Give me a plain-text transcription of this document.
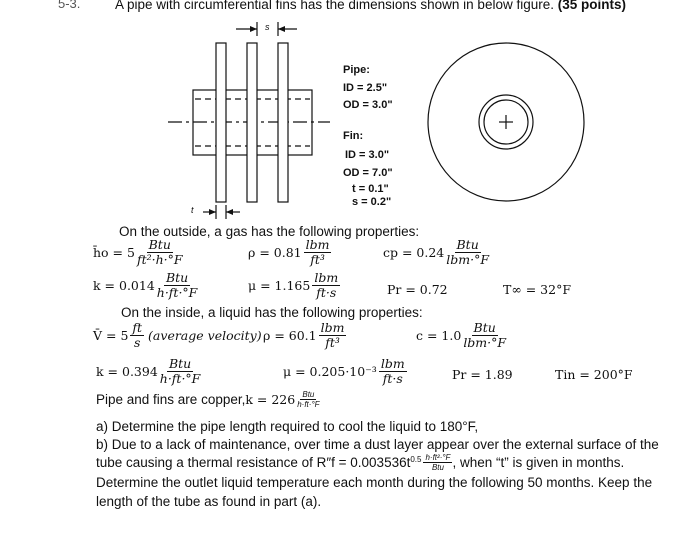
5-3.	A pipe with circumferential fins has the dimensions shown in below figure. (35 points)
s
t
Pipe:
ID = 2.5"
OD = 3.0"
Fin:
ID = 3.0"
OD = 7.0"
t = 0.1"
s = 0.2"
On the outside, a gas has the following properties:
h̄o = $5 \frac{\text{Btu}}{\text{ft²·h·°F}}$	$\rho = 0.81 \frac{\text{lbm}}{\text{ft³}}$	cp = $0.24 \frac{\text{Btu}}{\text{lbm·°F}}$
$k = 0.014 \frac{\text{Btu}}{h\cdot ft\cdot^\circ F}$	$\mu = 1.165 \frac{\text{lbm}}{ft\cdot s}$	Pr = 0.72	T∞ = 32°F
On the inside, a liquid has the following properties:
V̄ = $5 \frac{ft}{s}$
(average velocity) $\rho = 60.1 \frac{\text{lbm}}{\text{ft³}}$	$c = 1.0 \frac{\text{Btu}}{\text{lbm·°F}}$
$k = 0.394 \frac{\text{Btu}}{h\cdot ft\cdot^\circ F}$	$\mu = 0.205\cdot 10^{-3} \frac{\text{lbm}}{ft\cdot s}$	Pr = 1.89	Tin = 200°F
Pipe and fins are copper, $k = 226 \frac{\text{Btu}}{h\cdot ft\cdot^\circ F}$
a) Determine the pipe length required to cool the liquid to 180°F,
b) Due to a lack of maintenance, over time a dust layer appear over the external surface of the
tube causing a thermal resistance of $R''f = 0.003536t^{0.5} \frac{\text{h·ft²·°F}}{\text{Btu}}$ , when “t” is given in months.
Determine the outlet liquid temperature each month during the following 50 months. Keep the
length of the tube as found in part (a).
